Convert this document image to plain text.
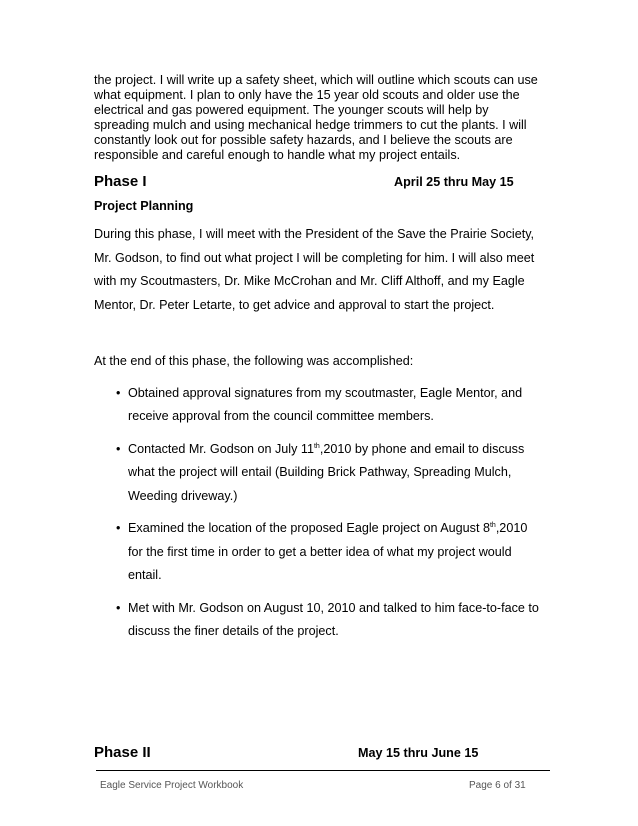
the project. I will write up a safety sheet, which will outline which scouts can use
what equipment. I plan to only have the 15 year old scouts and older use the
electrical and gas powered equipment. The younger scouts will help by
spreading mulch and using mechanical hedge trimmers to cut the plants. I will
constantly look out for possible safety hazards, and I believe the scouts are
responsible and careful enough to handle what my project entails.

Phase I	April 25 thru May 15

Project Planning

During this phase, I will meet with the President of the Save the Prairie Society,
Mr. Godson, to find out what project I will be completing for him. I will also meet
with my Scoutmasters, Dr. Mike McCrohan and Mr. Cliff Althoff, and my Eagle
Mentor, Dr. Peter Letarte, to get advice and approval to start the project.

At the end of this phase, the following was accomplished:

• Obtained approval signatures from my scoutmaster, Eagle Mentor, and
receive approval from the council committee members.
• Contacted Mr. Godson on July 11th,2010 by phone and email to discuss
what the project will entail (Building Brick Pathway, Spreading Mulch,
Weeding driveway.)
• Examined the location of the proposed Eagle project on August 8th,2010
for the first time in order to get a better idea of what my project would
entail.
• Met with Mr. Godson on August 10, 2010 and talked to him face-to-face to
discuss the finer details of the project.
Phase II	May 15 thru June 15
Eagle Service Project Workbook	Page 6 of 31
